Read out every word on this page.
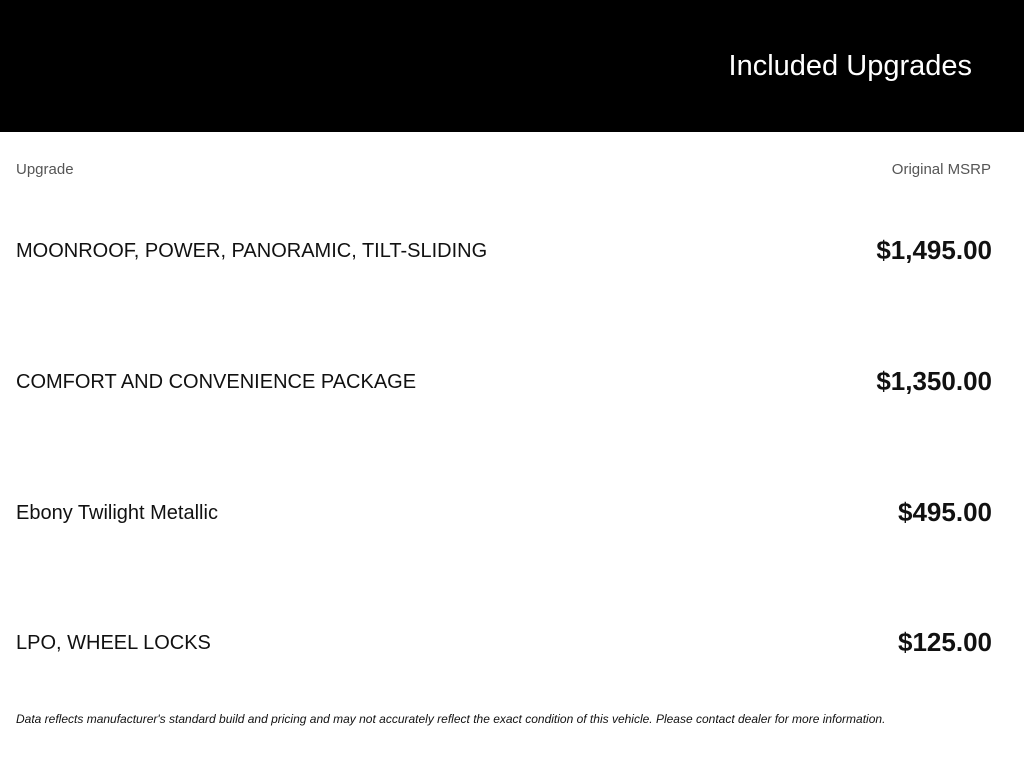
Included Upgrades
Upgrade	Original MSRP
MOONROOF, POWER, PANORAMIC, TILT-SLIDING	$1,495.00
COMFORT AND CONVENIENCE PACKAGE	$1,350.00
Ebony Twilight Metallic	$495.00
LPO, WHEEL LOCKS	$125.00
Data reflects manufacturer's standard build and pricing and may not accurately reflect the exact condition of this vehicle. Please contact dealer for more information.
